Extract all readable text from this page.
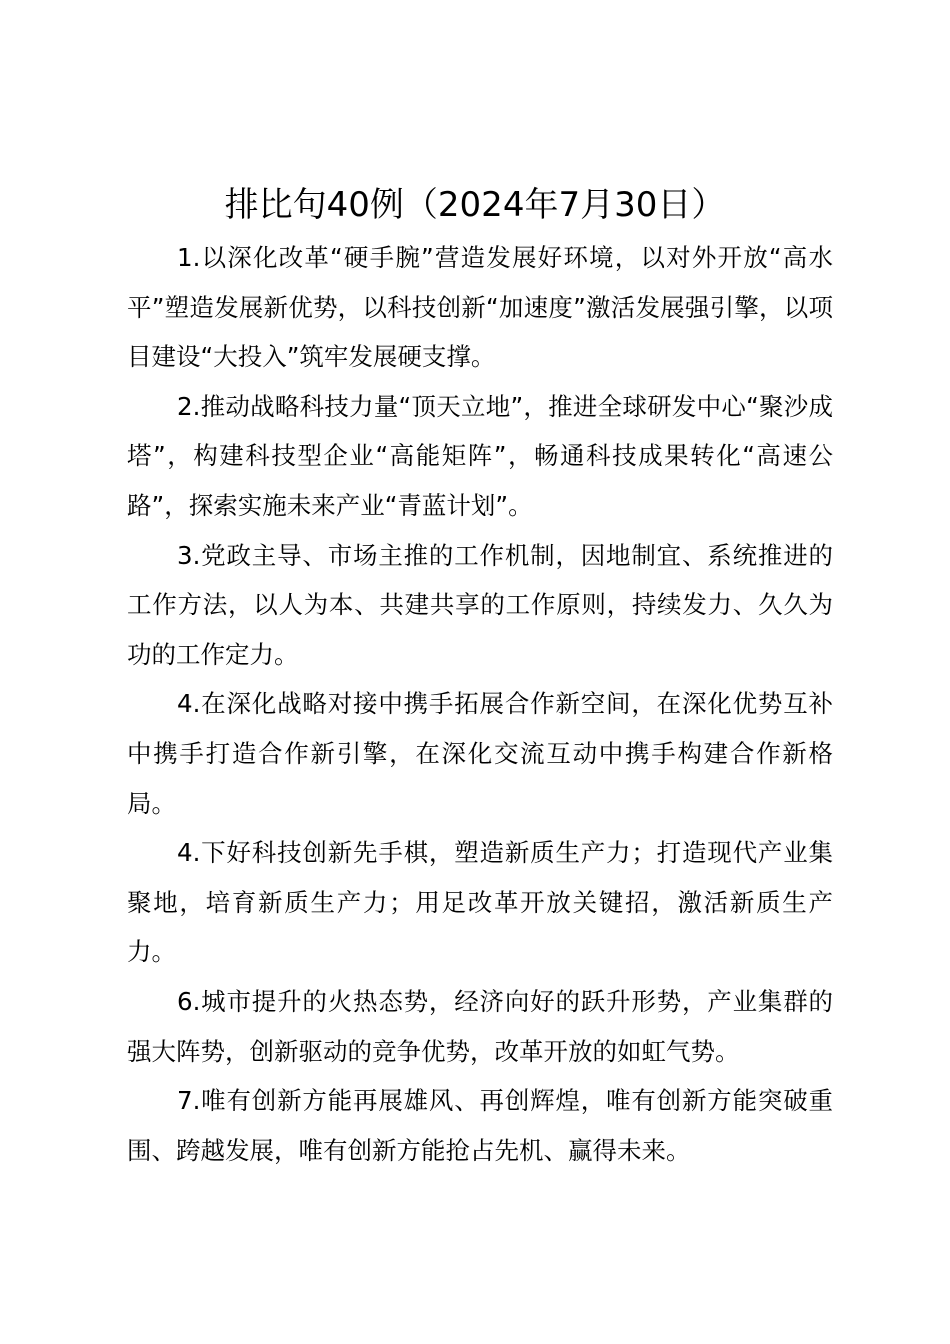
排比句40例（2024年7月30日）

1.以深化改革“硬手腕”营造发展好环境，以对外开放“高水平”塑造发展新优势，以科技创新“加速度”激活发展强引擎，以项目建设“大投入”筑牢发展硬支撑。

2.推动战略科技力量“顶天立地”，推进全球研发中心“聚沙成塔”，构建科技型企业“高能矩阵”，畅通科技成果转化“高速公路”，探索实施未来产业“青蓝计划”。

3.党政主导、市场主推的工作机制，因地制宜、系统推进的工作方法，以人为本、共建共享的工作原则，持续发力、久久为功的工作定力。

4.在深化战略对接中携手拓展合作新空间，在深化优势互补中携手打造合作新引擎，在深化交流互动中携手构建合作新格局。

4.下好科技创新先手棋，塑造新质生产力；打造现代产业集聚地，培育新质生产力；用足改革开放关键招，激活新质生产力。

6.城市提升的火热态势，经济向好的跃升形势，产业集群的强大阵势，创新驱动的竞争优势，改革开放的如虹气势。

7.唯有创新方能再展雄风、再创辉煌，唯有创新方能突破重围、跨越发展，唯有创新方能抢占先机、赢得未来。
